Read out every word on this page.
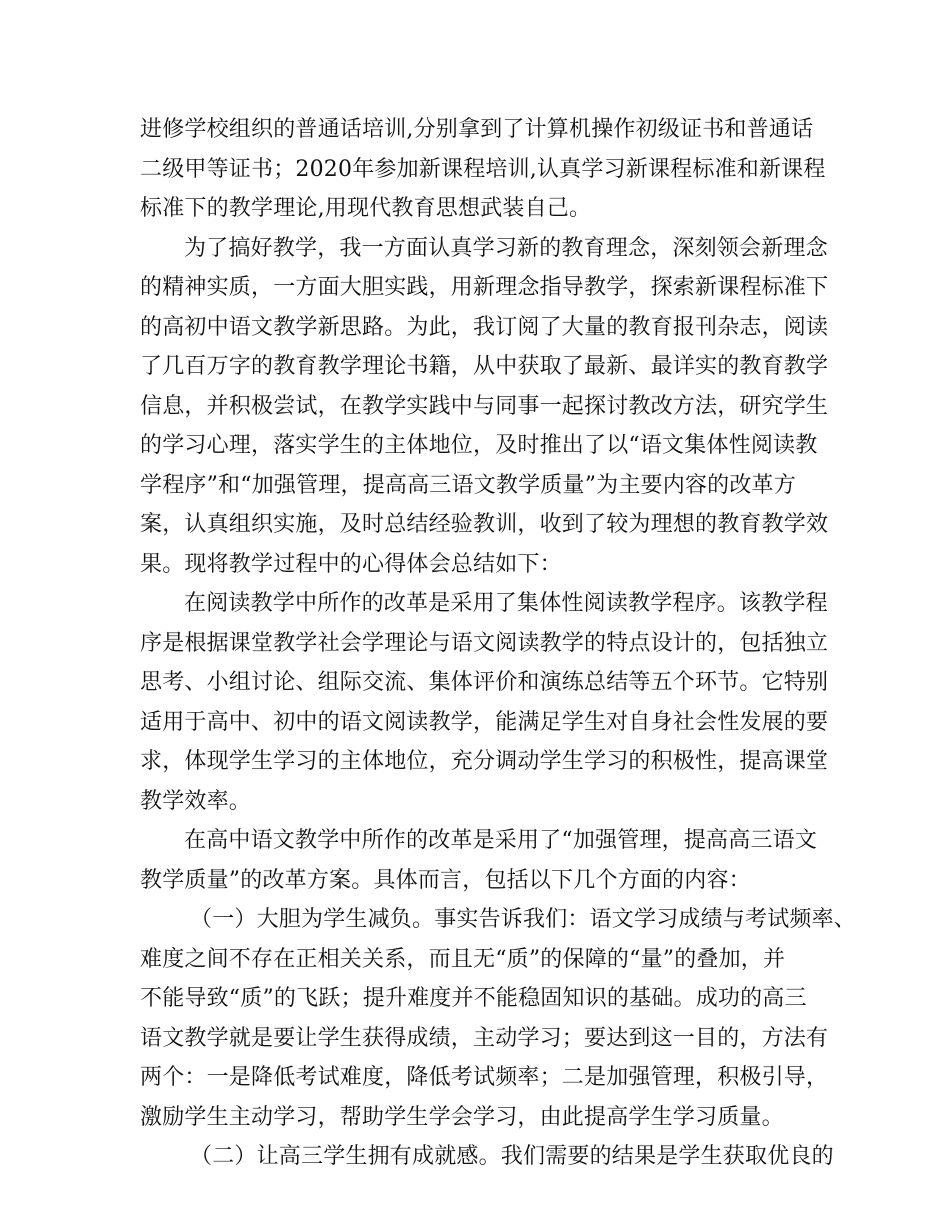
进修学校组织的普通话培训,分别拿到了计算机操作初级证书和普通话
二级甲等证书；2020年参加新课程培训,认真学习新课程标准和新课程
标准下的教学理论,用现代教育思想武装自己。
为了搞好教学，我一方面认真学习新的教育理念，深刻领会新理念
的精神实质，一方面大胆实践，用新理念指导教学，探索新课程标准下
的高初中语文教学新思路。为此，我订阅了大量的教育报刊杂志，阅读
了几百万字的教育教学理论书籍，从中获取了最新、最详实的教育教学
信息，并积极尝试，在教学实践中与同事一起探讨教改方法，研究学生
的学习心理，落实学生的主体地位，及时推出了以“语文集体性阅读教
学程序”和“加强管理，提高高三语文教学质量”为主要内容的改革方
案，认真组织实施，及时总结经验教训，收到了较为理想的教育教学效
果。现将教学过程中的心得体会总结如下：
在阅读教学中所作的改革是采用了集体性阅读教学程序。该教学程
序是根据课堂教学社会学理论与语文阅读教学的特点设计的，包括独立
思考、小组讨论、组际交流、集体评价和演练总结等五个环节。它特别
适用于高中、初中的语文阅读教学，能满足学生对自身社会性发展的要
求，体现学生学习的主体地位，充分调动学生学习的积极性，提高课堂
教学效率。
在高中语文教学中所作的改革是采用了“加强管理，提高高三语文
教学质量”的改革方案。具体而言，包括以下几个方面的内容：
（一）大胆为学生减负。事实告诉我们：语文学习成绩与考试频率、
难度之间不存在正相关关系，而且无“质”的保障的“量”的叠加，并
不能导致“质”的飞跃；提升难度并不能稳固知识的基础。成功的高三
语文教学就是要让学生获得成绩，主动学习；要达到这一目的，方法有
两个：一是降低考试难度，降低考试频率；二是加强管理，积极引导，
激励学生主动学习，帮助学生学会学习，由此提高学生学习质量。
（二）让高三学生拥有成就感。我们需要的结果是学生获取优良的
